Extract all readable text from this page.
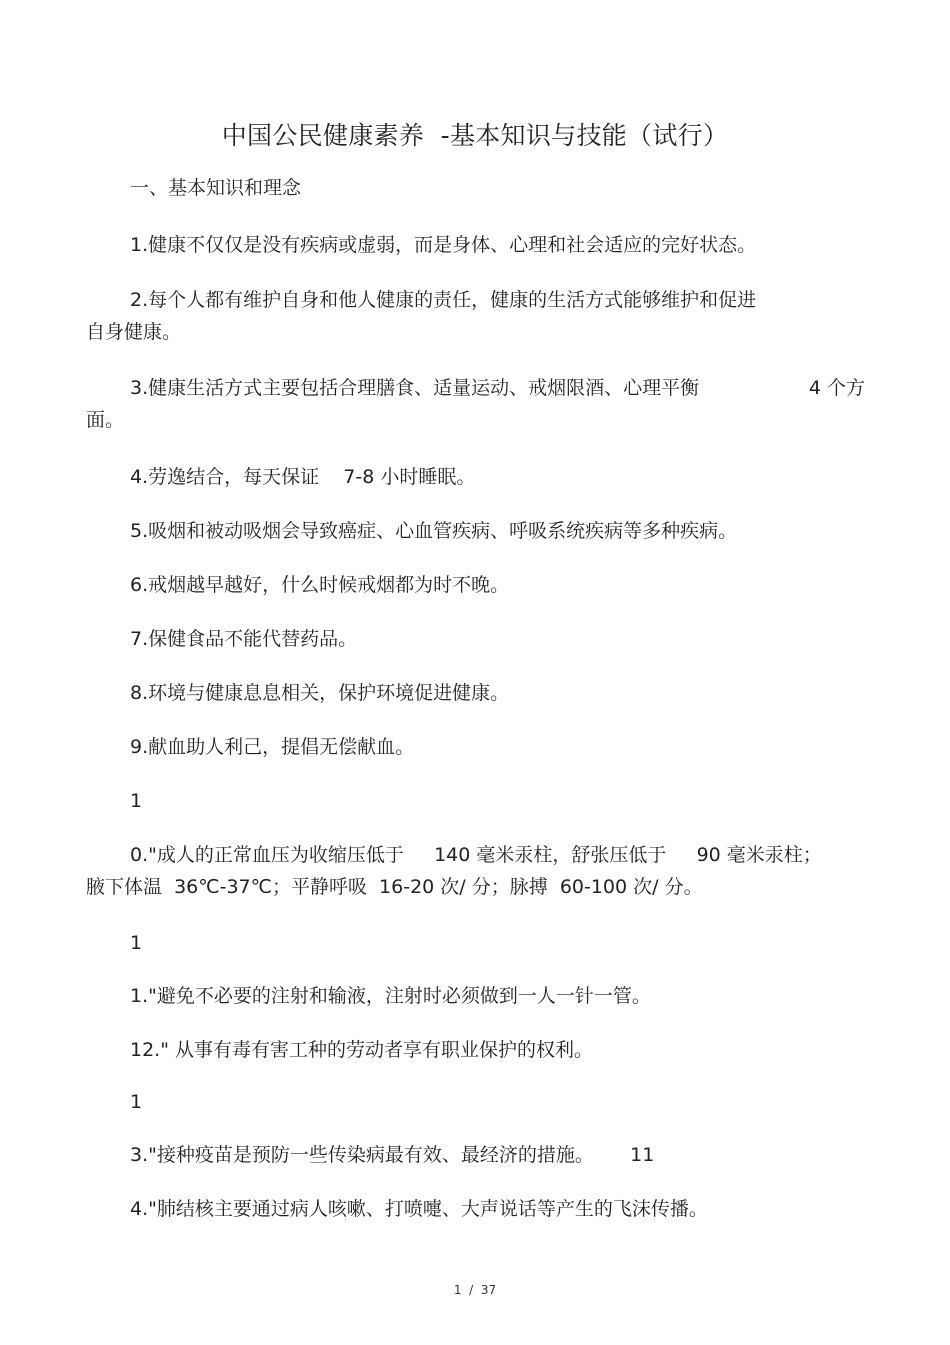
中国公民健康素养  -基本知识与技能（试行）
一、基本知识和理念
1.健康不仅仅是没有疾病或虚弱，而是身体、心理和社会适应的完好状态。
2.每个人都有维护自身和他人健康的责任，健康的生活方式能够维护和促进
自身健康。
3.健康生活方式主要包括合理膳食、适量运动、戒烟限酒、心理平衡	4 个方
面。
4.劳逸结合，每天保证    7-8 小时睡眠。
5.吸烟和被动吸烟会导致癌症、心血管疾病、呼吸系统疾病等多种疾病。
6.戒烟越早越好，什么时候戒烟都为时不晚。
7.保健食品不能代替药品。
8.环境与健康息息相关，保护环境促进健康。
9.献血助人利己，提倡无偿献血。
1
0."成人的正常血压为收缩压低于     140 毫米汞柱，舒张压低于     90 毫米汞柱；
腋下体温  36℃-37℃；平静呼吸  16-20 次/ 分；脉搏  60-100 次/ 分。
1
1."避免不必要的注射和输液，注射时必须做到一人一针一管。
12." 从事有毒有害工种的劳动者享有职业保护的权利。
1
3."接种疫苗是预防一些传染病最有效、最经济的措施。      11
4."肺结核主要通过病人咳嗽、打喷嚏、大声说话等产生的飞沫传播。
1  /  37
